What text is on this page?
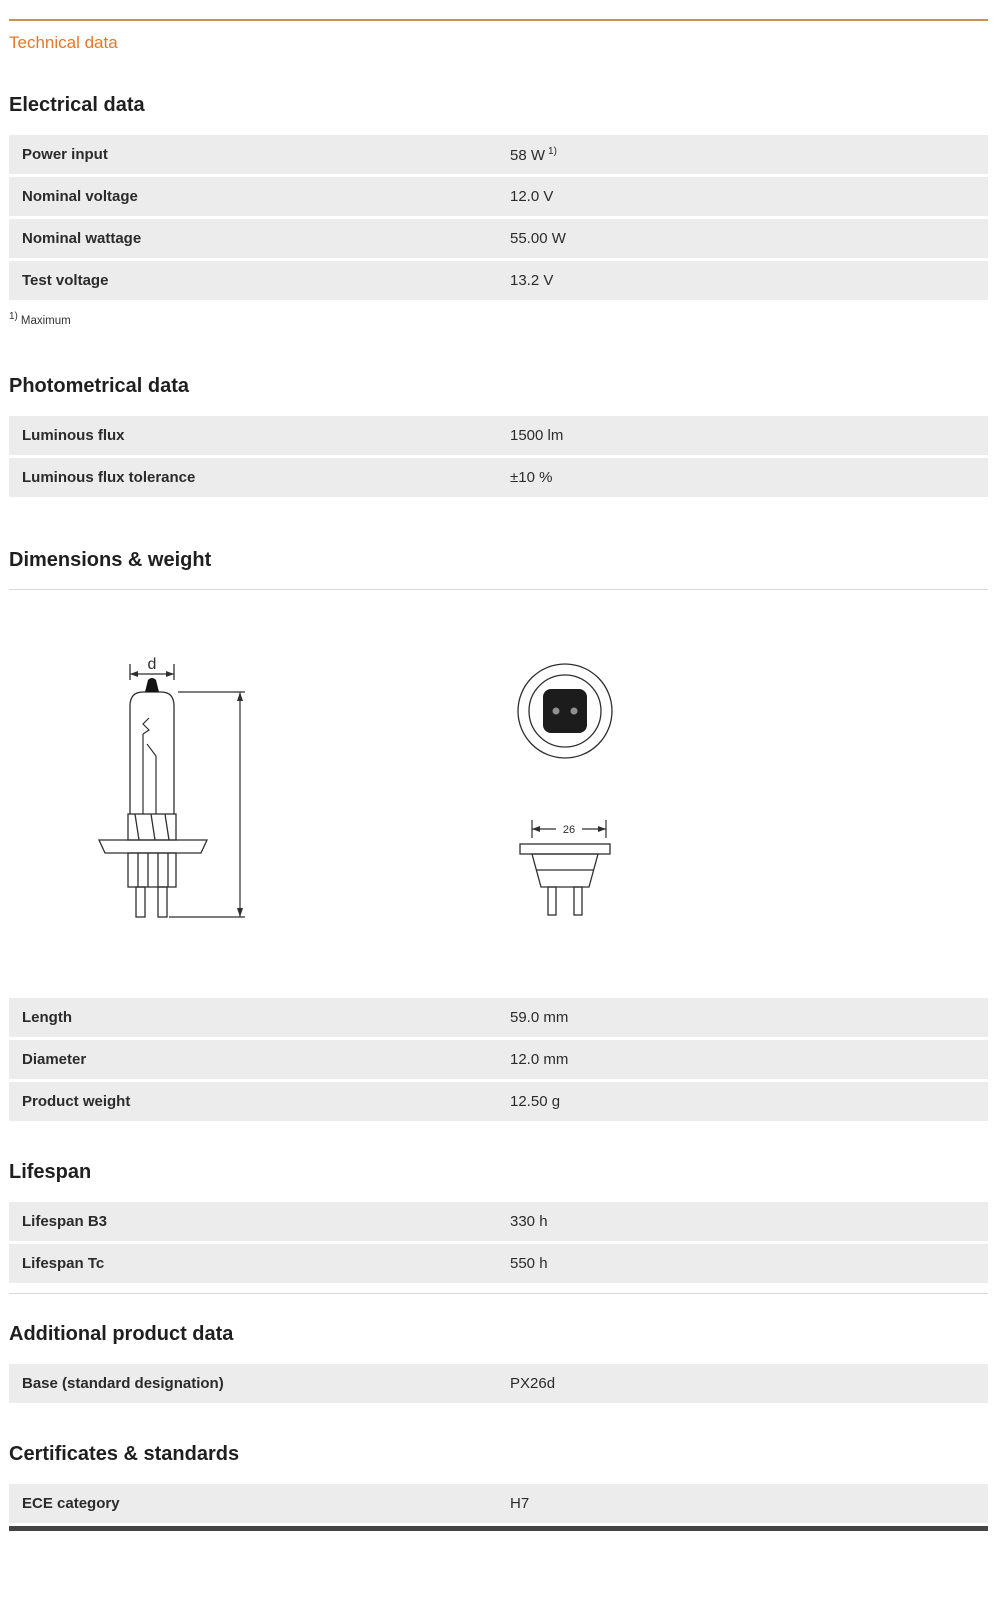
Technical data
Electrical data
Power input	58 W $^{1)}$
Nominal voltage	12.0 V
Nominal wattage	55.00 W
Test voltage	13.2 V
$^{1)}$ Maximum
Photometrical data
Luminous flux	1500 lm
Luminous flux tolerance	±10 %
Dimensions & weight
d
26
Length	59.0 mm
Diameter	12.0 mm
Product weight	12.50 g
Lifespan
Lifespan B3	330 h
Lifespan Tc	550 h
Additional product data
Base (standard designation)	PX26d
Certificates & standards
ECE category	H7
